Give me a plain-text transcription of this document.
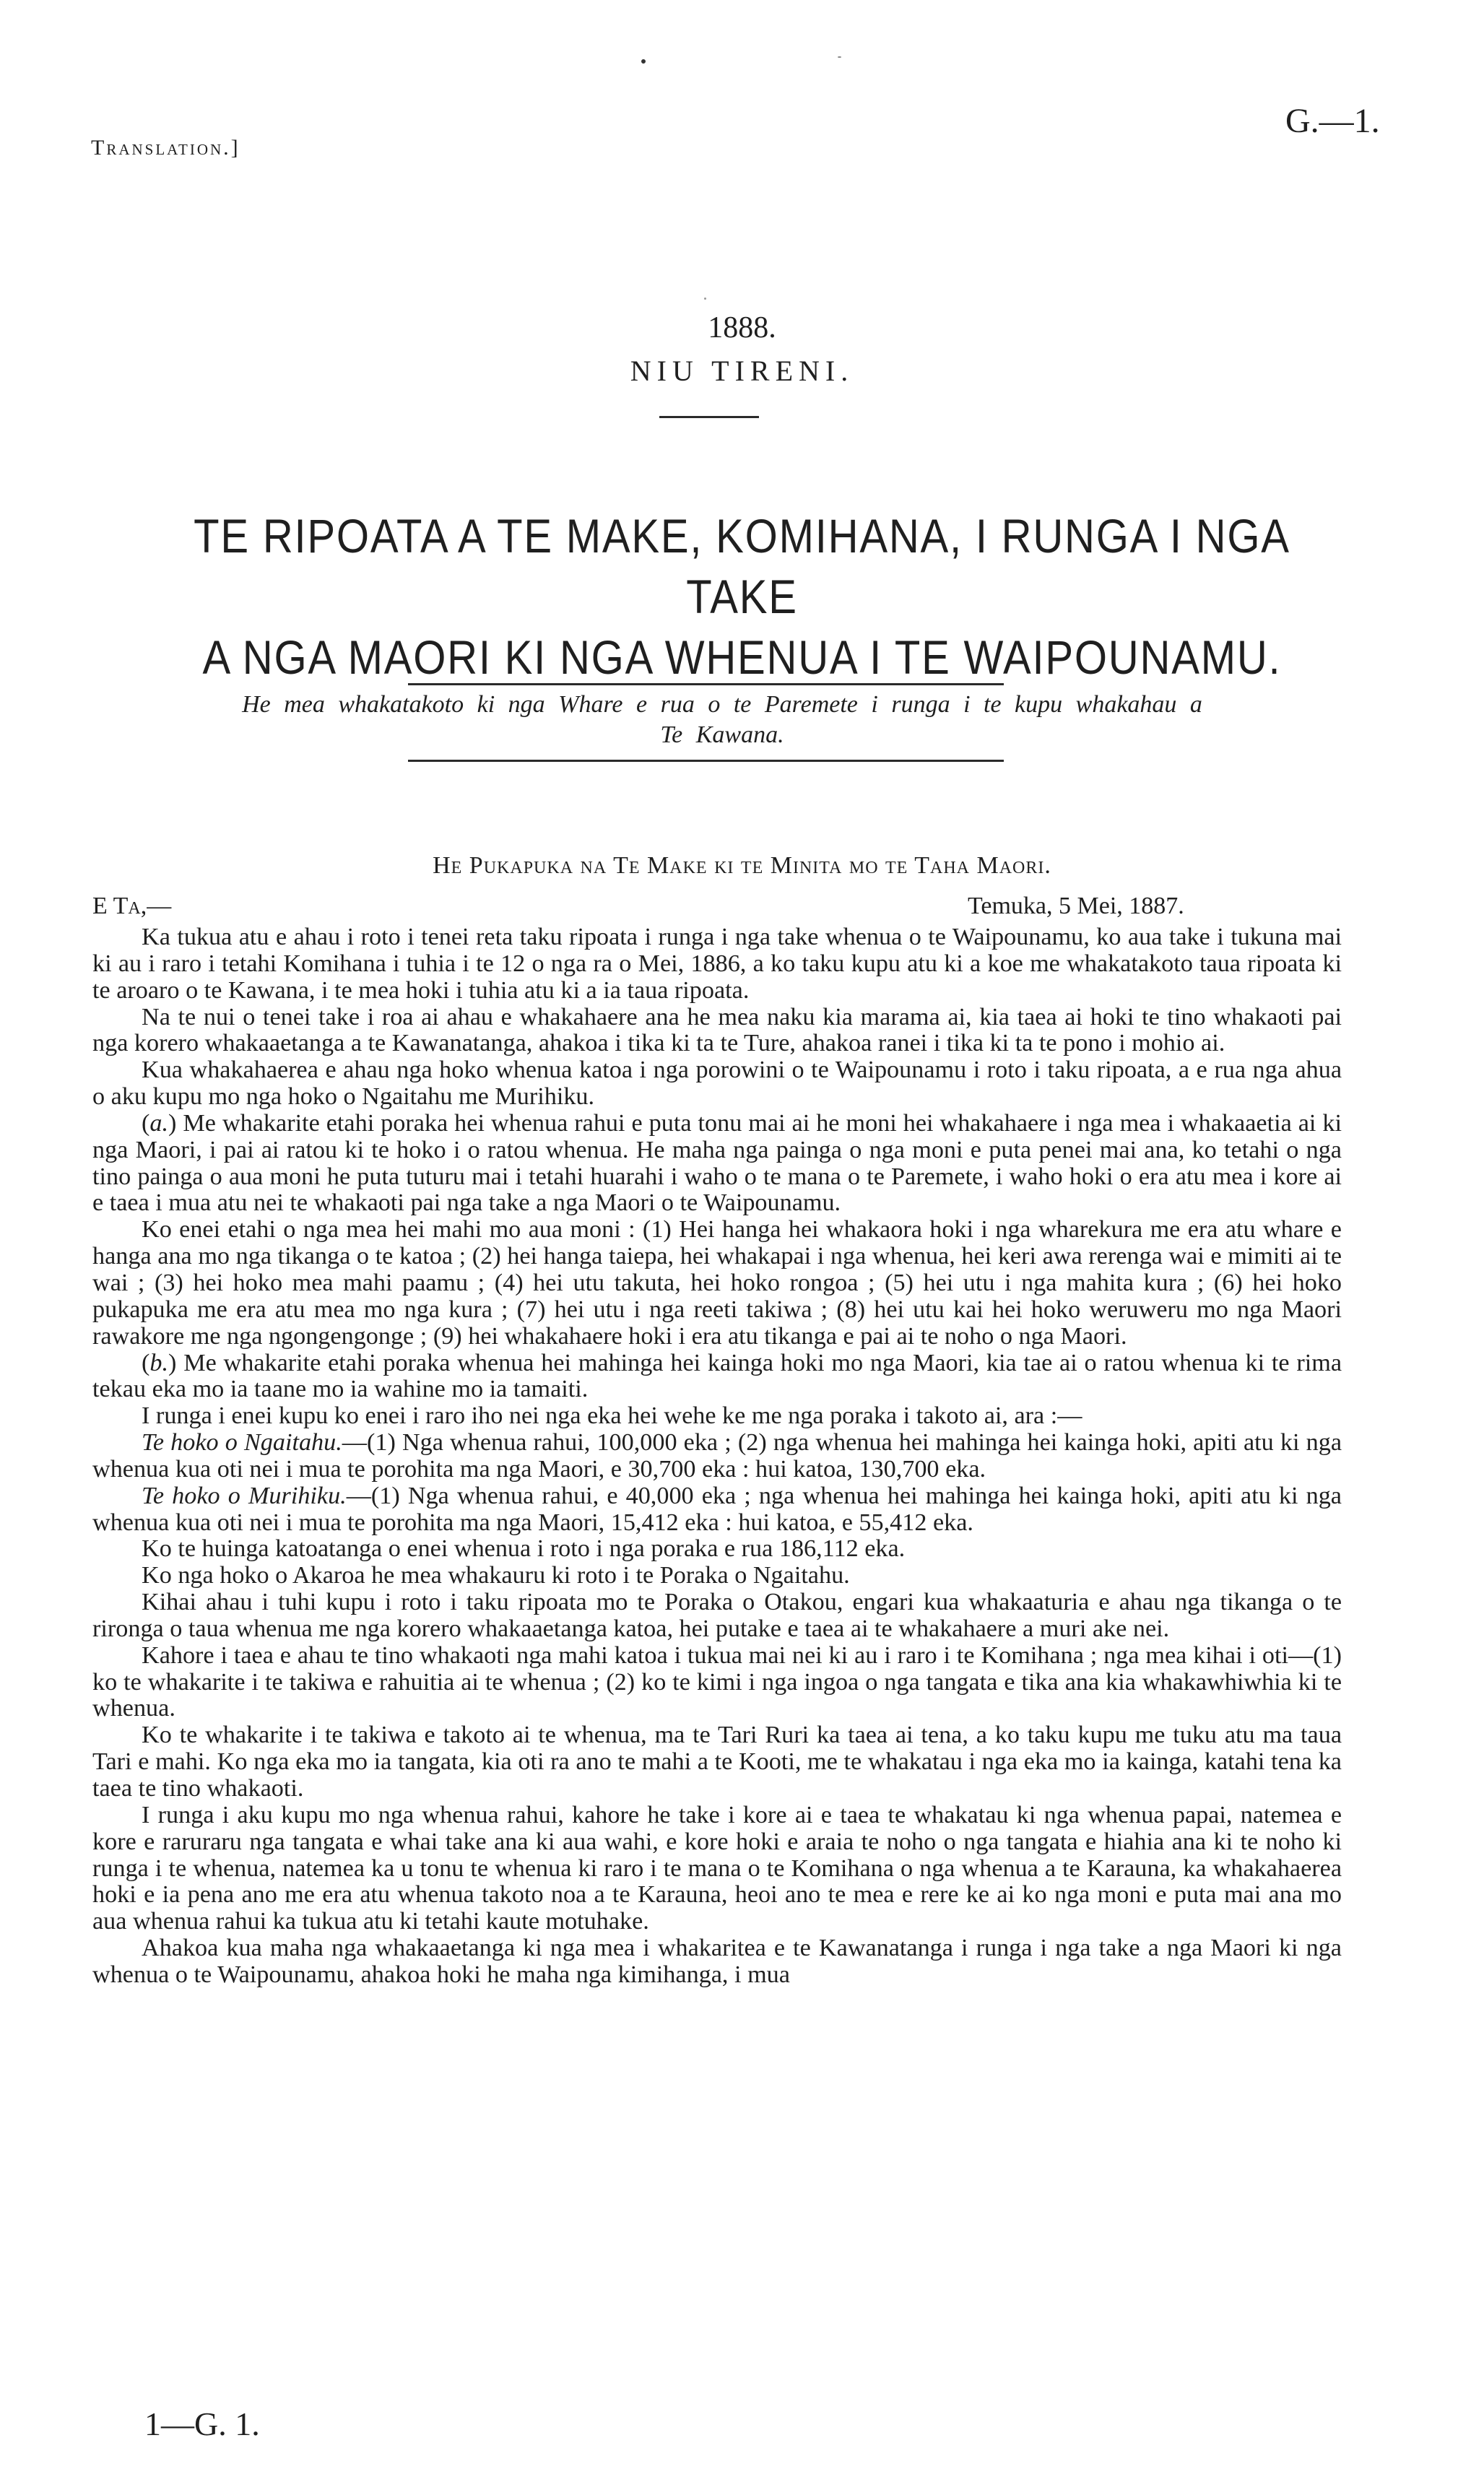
Translation.]
G.—1.
1888.
NIU TIRENI.
TE RIPOATA A TE MAKE, KOMIHANA, I RUNGA I NGA TAKE
A NGA MAORI KI NGA WHENUA I TE WAIPOUNAMU.
He mea whakatakoto ki nga Whare e rua o te Paremete i runga i te kupu whakahau a
Te Kawana.
He Pukapuka na Te Make ki te Minita mo te Taha Maori.
E Ta,—	Temuka, 5 Mei, 1887.

Ka tukua atu e ahau i roto i tenei reta taku ripoata i runga i nga take whenua o te Waipounamu, ko aua take i tukuna mai ki au i raro i tetahi Komihana i tuhia i te 12 o nga ra o Mei, 1886, a ko taku kupu atu ki a koe me whakatakoto taua ripoata ki te aroaro o te Kawana, i te mea hoki i tuhia atu ki a ia taua ripoata.

Na te nui o tenei take i roa ai ahau e whakahaere ana he mea naku kia marama ai, kia taea ai hoki te tino whakaoti pai nga korero whakaaetanga a te Kawanatanga, ahakoa i tika ki ta te Ture, ahakoa ranei i tika ki ta te pono i mohio ai.

Kua whakahaerea e ahau nga hoko whenua katoa i nga porowini o te Waipounamu i roto i taku ripoata, a e rua nga ahua o aku kupu mo nga hoko o Ngaitahu me Murihiku.

(a.) Me whakarite etahi poraka hei whenua rahui e puta tonu mai ai he moni hei whakahaere i nga mea i whakaaetia ai ki nga Maori, i pai ai ratou ki te hoko i o ratou whenua. He maha nga painga o nga moni e puta penei mai ana, ko tetahi o nga tino painga o aua moni he puta tuturu mai i tetahi huarahi i waho o te mana o te Paremete, i waho hoki o era atu mea i kore ai e taea i mua atu nei te whakaoti pai nga take a nga Maori o te Waipounamu.

Ko enei etahi o nga mea hei mahi mo aua moni : (1) Hei hanga hei whakaora hoki i nga wharekura me era atu whare e hanga ana mo nga tikanga o te katoa ; (2) hei hanga taiepa, hei whakapai i nga whenua, hei keri awa rerenga wai e mimiti ai te wai ; (3) hei hoko mea mahi paamu ; (4) hei utu takuta, hei hoko rongoa ; (5) hei utu i nga mahita kura ; (6) hei hoko pukapuka me era atu mea mo nga kura ; (7) hei utu i nga reeti takiwa ; (8) hei utu kai hei hoko weruweru mo nga Maori rawakore me nga ngongengonge ; (9) hei whakahaere hoki i era atu tikanga e pai ai te noho o nga Maori.

(b.) Me whakarite etahi poraka whenua hei mahinga hei kainga hoki mo nga Maori, kia tae ai o ratou whenua ki te rima tekau eka mo ia taane mo ia wahine mo ia tamaiti.

I runga i enei kupu ko enei i raro iho nei nga eka hei wehe ke me nga poraka i takoto ai, ara :—

Te hoko o Ngaitahu.—(1) Nga whenua rahui, 100,000 eka ; (2) nga whenua hei mahinga hei kainga hoki, apiti atu ki nga whenua kua oti nei i mua te porohita ma nga Maori, e 30,700 eka : hui katoa, 130,700 eka.

Te hoko o Murihiku.—(1) Nga whenua rahui, e 40,000 eka ; nga whenua hei mahinga hei kainga hoki, apiti atu ki nga whenua kua oti nei i mua te porohita ma nga Maori, 15,412 eka : hui katoa, e 55,412 eka.

Ko te huinga katoatanga o enei whenua i roto i nga poraka e rua 186,112 eka.

Ko nga hoko o Akaroa he mea whakauru ki roto i te Poraka o Ngaitahu.

Kihai ahau i tuhi kupu i roto i taku ripoata mo te Poraka o Otakou, engari kua whakaaturia e ahau nga tikanga o te rironga o taua whenua me nga korero whakaaetanga katoa, hei putake e taea ai te whakahaere a muri ake nei.

Kahore i taea e ahau te tino whakaoti nga mahi katoa i tukua mai nei ki au i raro i te Komihana ; nga mea kihai i oti—(1) ko te whakarite i te takiwa e rahuitia ai te whenua ; (2) ko te kimi i nga ingoa o nga tangata e tika ana kia whakawhiwhia ki te whenua.

Ko te whakarite i te takiwa e takoto ai te whenua, ma te Tari Ruri ka taea ai tena, a ko taku kupu me tuku atu ma taua Tari e mahi. Ko nga eka mo ia tangata, kia oti ra ano te mahi a te Kooti, me te whakatau i nga eka mo ia kainga, katahi tena ka taea te tino whakaoti.

I runga i aku kupu mo nga whenua rahui, kahore he take i kore ai e taea te whakatau ki nga whenua papai, natemea e kore e raruraru nga tangata e whai take ana ki aua wahi, e kore hoki e araia te noho o nga tangata e hiahia ana ki te noho ki runga i te whenua, natemea ka u tonu te whenua ki raro i te mana o te Komihana o nga whenua a te Karauna, ka whakahaerea hoki e ia pena ano me era atu whenua takoto noa a te Karauna, heoi ano te mea e rere ke ai ko nga moni e puta mai ana mo aua whenua rahui ka tukua atu ki tetahi kaute motuhake.

Ahakoa kua maha nga whakaaetanga ki nga mea i whakaritea e te Kawanatanga i runga i nga take a nga Maori ki nga whenua o te Waipounamu, ahakoa hoki he maha nga kimihanga, i mua

1—G. 1.
